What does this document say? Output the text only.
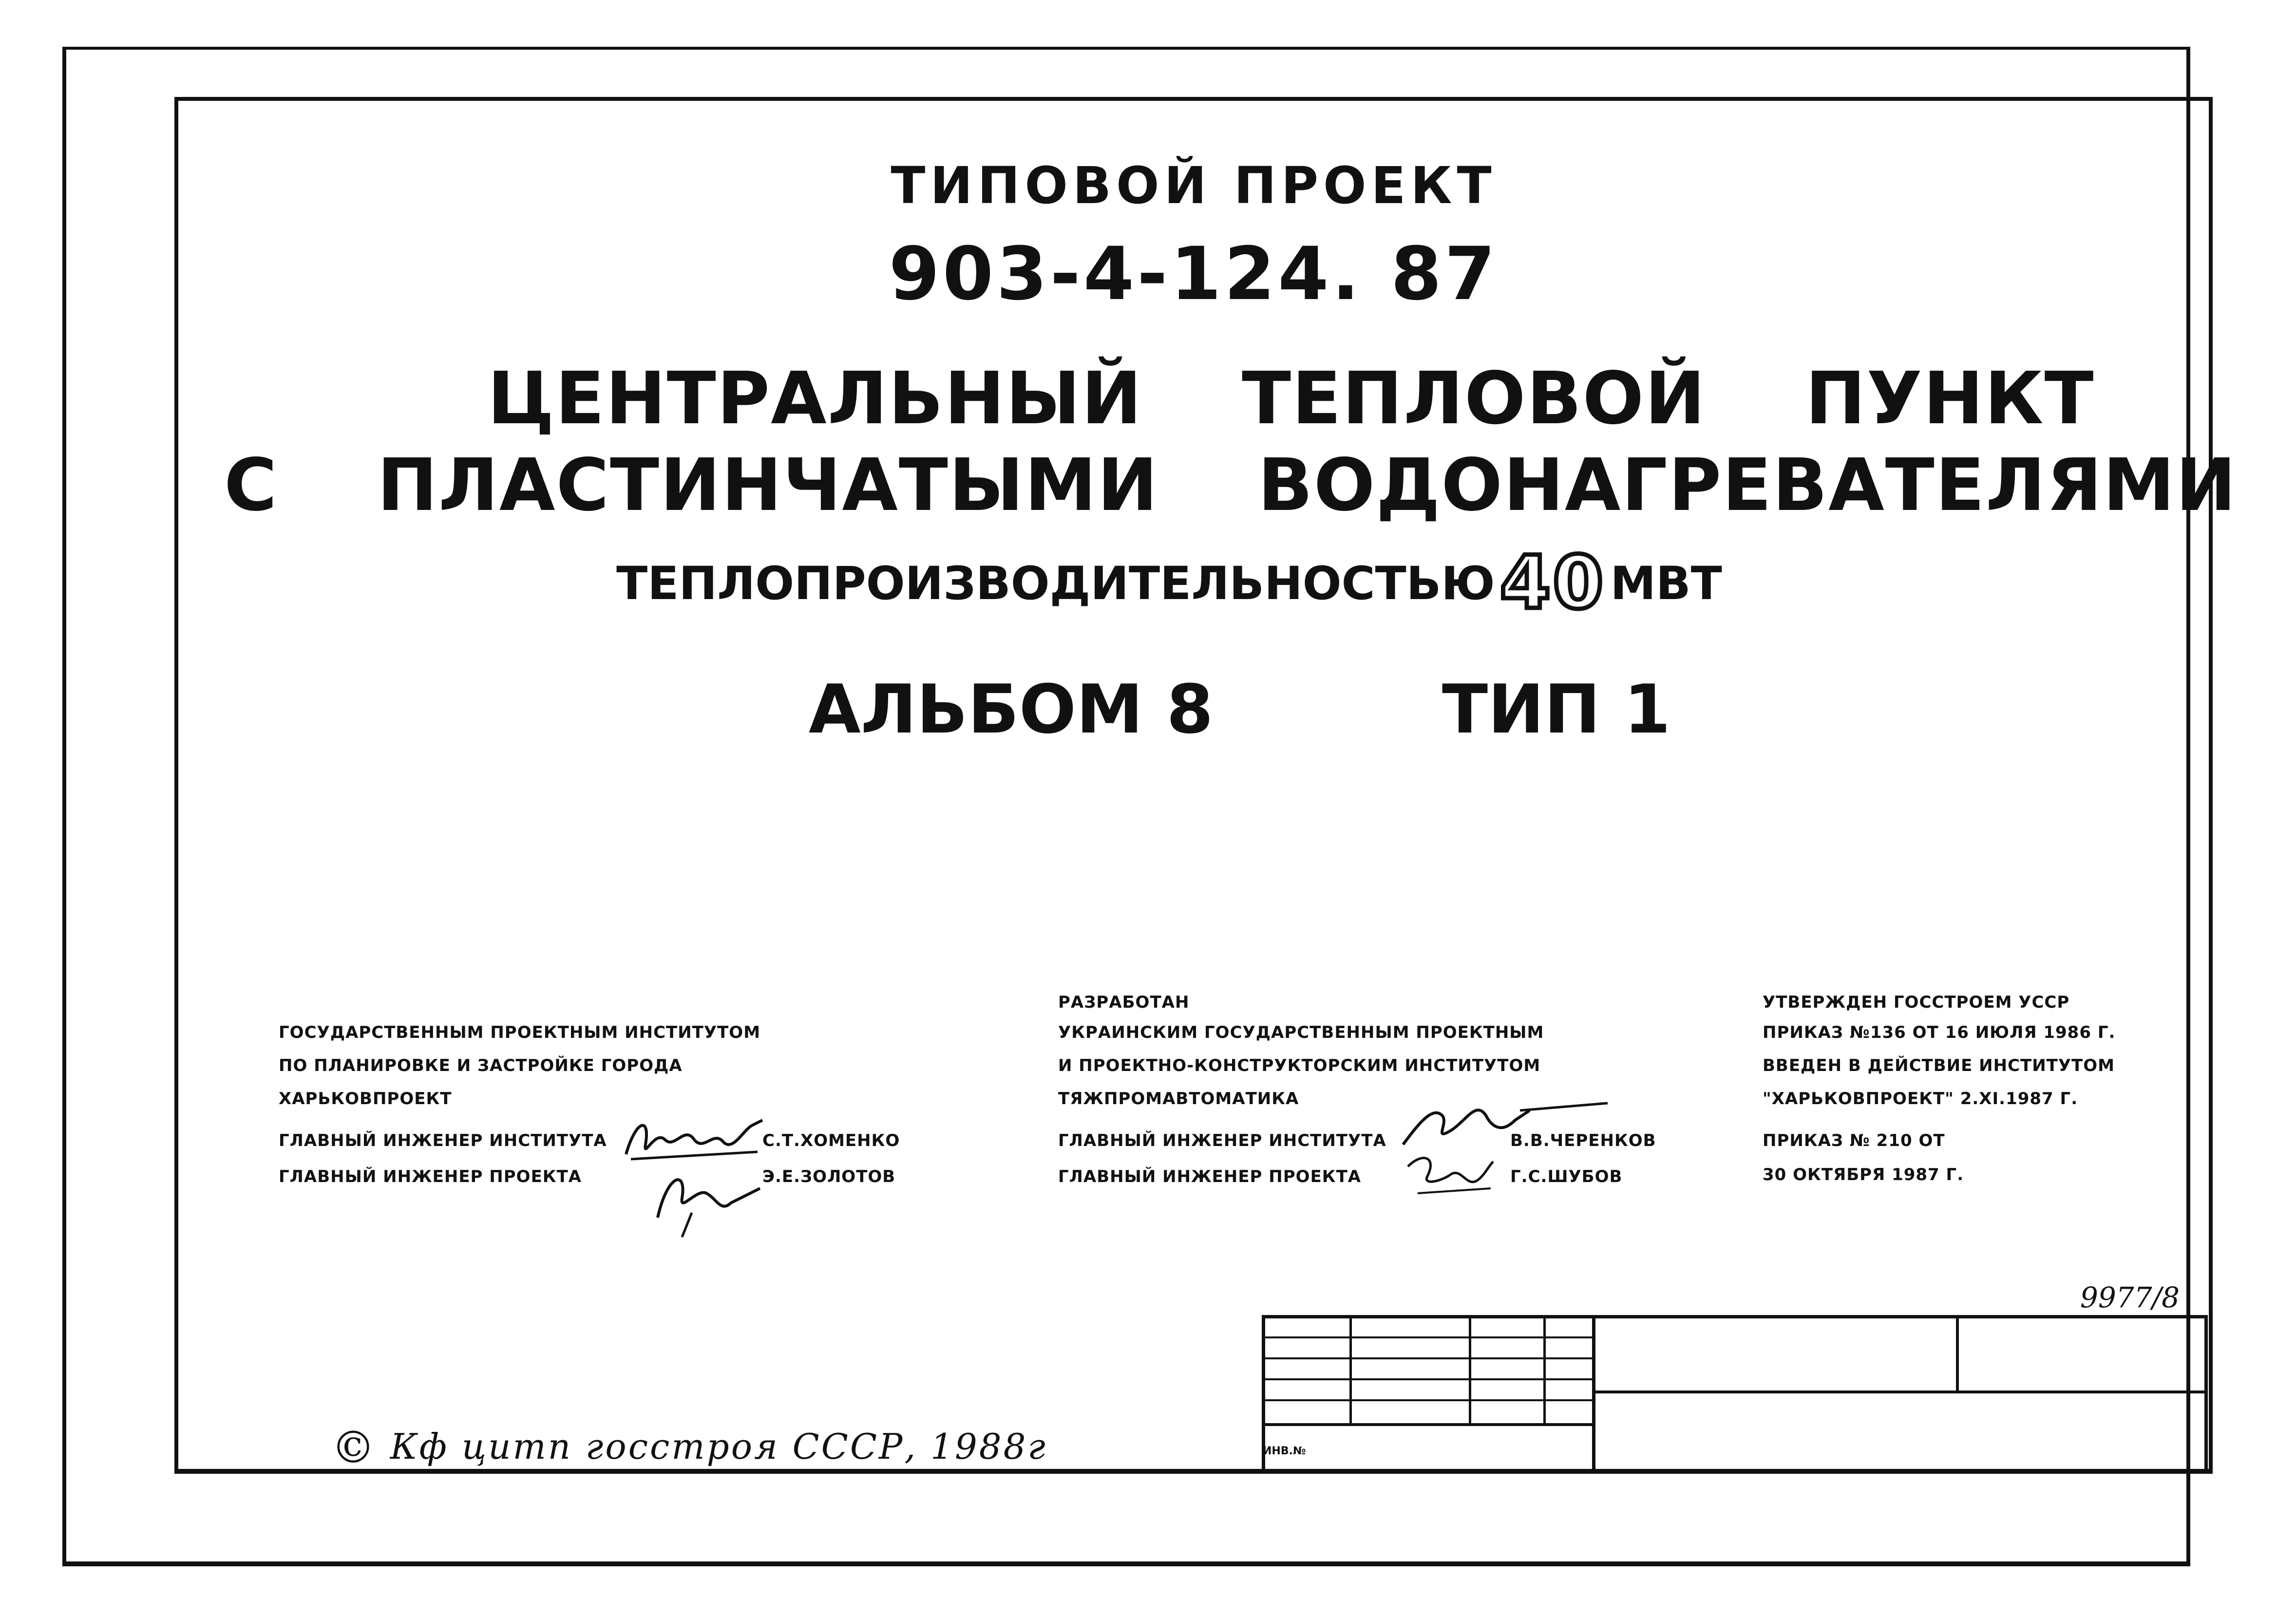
ТИПОВОЙ ПРОЕКТ
903-4-124. 87
ЦЕНТРАЛЬНЫЙ ТЕПЛОВОЙ ПУНКТ
С ПЛАСТИНЧАТЫМИ ВОДОНАГРЕВАТЕЛЯМИ
ТЕПЛОПРОИЗВОДИТЕЛЬНОСТЬЮ40 МВТ
АЛЬБОМ 8	ТИП 1
ГОСУДАРСТВЕННЫМ ПРОЕКТНЫМ ИНСТИТУТОМ
ПО ПЛАНИРОВКЕ И ЗАСТРОЙКЕ ГОРОДА
ХАРЬКОВПРОЕКТ
ГЛАВНЫЙ ИНЖЕНЕР ИНСТИТУТА	С.Т.ХОМЕНКО
ГЛАВНЫЙ ИНЖЕНЕР ПРОЕКТА	Э.Е.ЗОЛОТОВ
РАЗРАБОТАН
УКРАИНСКИМ ГОСУДАРСТВЕННЫМ ПРОЕКТНЫМ
И ПРОЕКТНО-КОНСТРУКТОРСКИМ ИНСТИТУТОМ
ТЯЖПРОМАВТОМАТИКА
ГЛАВНЫЙ ИНЖЕНЕР ИНСТИТУТА	В.В.ЧЕРЕНКОВ
ГЛАВНЫЙ ИНЖЕНЕР ПРОЕКТА	Г.С.ШУБОВ
УТВЕРЖДЕН ГОССТРОЕМ УССР
ПРИКАЗ №136 ОТ 16 ИЮЛЯ 1986 Г.
ВВЕДЕН В ДЕЙСТВИЕ ИНСТИТУТОМ
"ХАРЬКОВПРОЕКТ" 2.XI.1987 Г.
ПРИКАЗ № 210 ОТ
30 ОКТЯБРЯ 1987 Г.
9977/8
ИНВ.№
© Кф цитп госстроя СССР, 1988г
